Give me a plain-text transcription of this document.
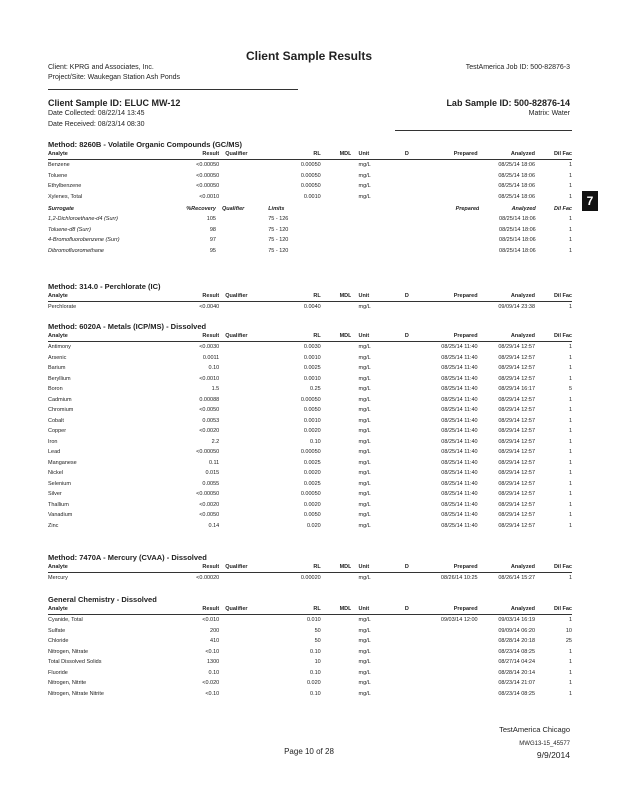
Client Sample Results
Client: KPRG and Associates, Inc.
Project/Site: Waukegan Station Ash Ponds
TestAmerica Job ID: 500-82876-3
Client Sample ID: ELUC MW-12	Lab Sample ID: 500-82876-14
Date Collected: 08/22/14 13:45
Date Received: 08/23/14 08:30
Matrix: Water
7
Method: 8260B - Volatile Organic Compounds (GC/MS)
Analyte	Result	Qualifier	RL	MDL	Unit	D	Prepared	Analyzed	Dil Fac
Benzene	<0.00050		0.00050		mg/L			08/25/14 18:06	1
Toluene	<0.00050		0.00050		mg/L			08/25/14 18:06	1
Ethylbenzene	<0.00050		0.00050		mg/L			08/25/14 18:06	1
Xylenes, Total	<0.0010		0.0010		mg/L			08/25/14 18:06	1
Surrogate	%Recovery	Qualifier	Limits				Prepared	Analyzed	Dil Fac
1,2-Dichloroethane-d4 (Surr)	105		75 - 126					08/25/14 18:06	1
Toluene-d8 (Surr)	98		75 - 120					08/25/14 18:06	1
4-Bromofluorobenzene (Surr)	97		75 - 120					08/25/14 18:06	1
Dibromofluoromethane	95		75 - 120					08/25/14 18:06	1
Method: 314.0 - Perchlorate (IC)
Analyte	Result	Qualifier	RL	MDL	Unit	D	Prepared	Analyzed	Dil Fac
Perchlorate	<0.0040		0.0040		mg/L			09/09/14 23:38	1
Method: 6020A - Metals (ICP/MS) - Dissolved
Analyte	Result	Qualifier	RL	MDL	Unit	D	Prepared	Analyzed	Dil Fac
Antimony	<0.0030		0.0030		mg/L		08/25/14 11:40	08/29/14 12:57	1
Arsenic	0.0011		0.0010		mg/L		08/25/14 11:40	08/29/14 12:57	1
Barium	0.10		0.0025		mg/L		08/25/14 11:40	08/29/14 12:57	1
Beryllium	<0.0010		0.0010		mg/L		08/25/14 11:40	08/29/14 12:57	1
Boron	1.5		0.25		mg/L		08/25/14 11:40	08/29/14 16:17	5
Cadmium	0.00088		0.00050		mg/L		08/25/14 11:40	08/29/14 12:57	1
Chromium	<0.0050		0.0050		mg/L		08/25/14 11:40	08/29/14 12:57	1
Cobalt	0.0053		0.0010		mg/L		08/25/14 11:40	08/29/14 12:57	1
Copper	<0.0020		0.0020		mg/L		08/25/14 11:40	08/29/14 12:57	1
Iron	2.2		0.10		mg/L		08/25/14 11:40	08/29/14 12:57	1
Lead	<0.00050		0.00050		mg/L		08/25/14 11:40	08/29/14 12:57	1
Manganese	0.11		0.0025		mg/L		08/25/14 11:40	08/29/14 12:57	1
Nickel	0.015		0.0020		mg/L		08/25/14 11:40	08/29/14 12:57	1
Selenium	0.0055		0.0025		mg/L		08/25/14 11:40	08/29/14 12:57	1
Silver	<0.00050		0.00050		mg/L		08/25/14 11:40	08/29/14 12:57	1
Thallium	<0.0020		0.0020		mg/L		08/25/14 11:40	08/29/14 12:57	1
Vanadium	<0.0050		0.0050		mg/L		08/25/14 11:40	08/29/14 12:57	1
Zinc	0.14		0.020		mg/L		08/25/14 11:40	08/29/14 12:57	1
Method: 7470A - Mercury (CVAA) - Dissolved
Analyte	Result	Qualifier	RL	MDL	Unit	D	Prepared	Analyzed	Dil Fac
Mercury	<0.00020		0.00020		mg/L		08/26/14 10:25	08/26/14 15:27	1
General Chemistry - Dissolved
Analyte	Result	Qualifier	RL	MDL	Unit	D	Prepared	Analyzed	Dil Fac
Cyanide, Total	<0.010		0.010		mg/L		09/03/14 12:00	09/03/14 16:19	1
Sulfate	200		50		mg/L			09/09/14 06:20	10
Chloride	410		50		mg/L			08/28/14 20:18	25
Nitrogen, Nitrate	<0.10		0.10		mg/L			08/23/14 08:25	1
Total Dissolved Solids	1300		10		mg/L			08/27/14 04:24	1
Fluoride	0.10		0.10		mg/L			08/28/14 20:14	1
Nitrogen, Nitrite	<0.020		0.020		mg/L			08/23/14 21:07	1
Nitrogen, Nitrate Nitrite	<0.10		0.10		mg/L			08/23/14 08:25	1
TestAmerica Chicago
Page 10 of 28
MWG13-15_45577
9/9/2014
